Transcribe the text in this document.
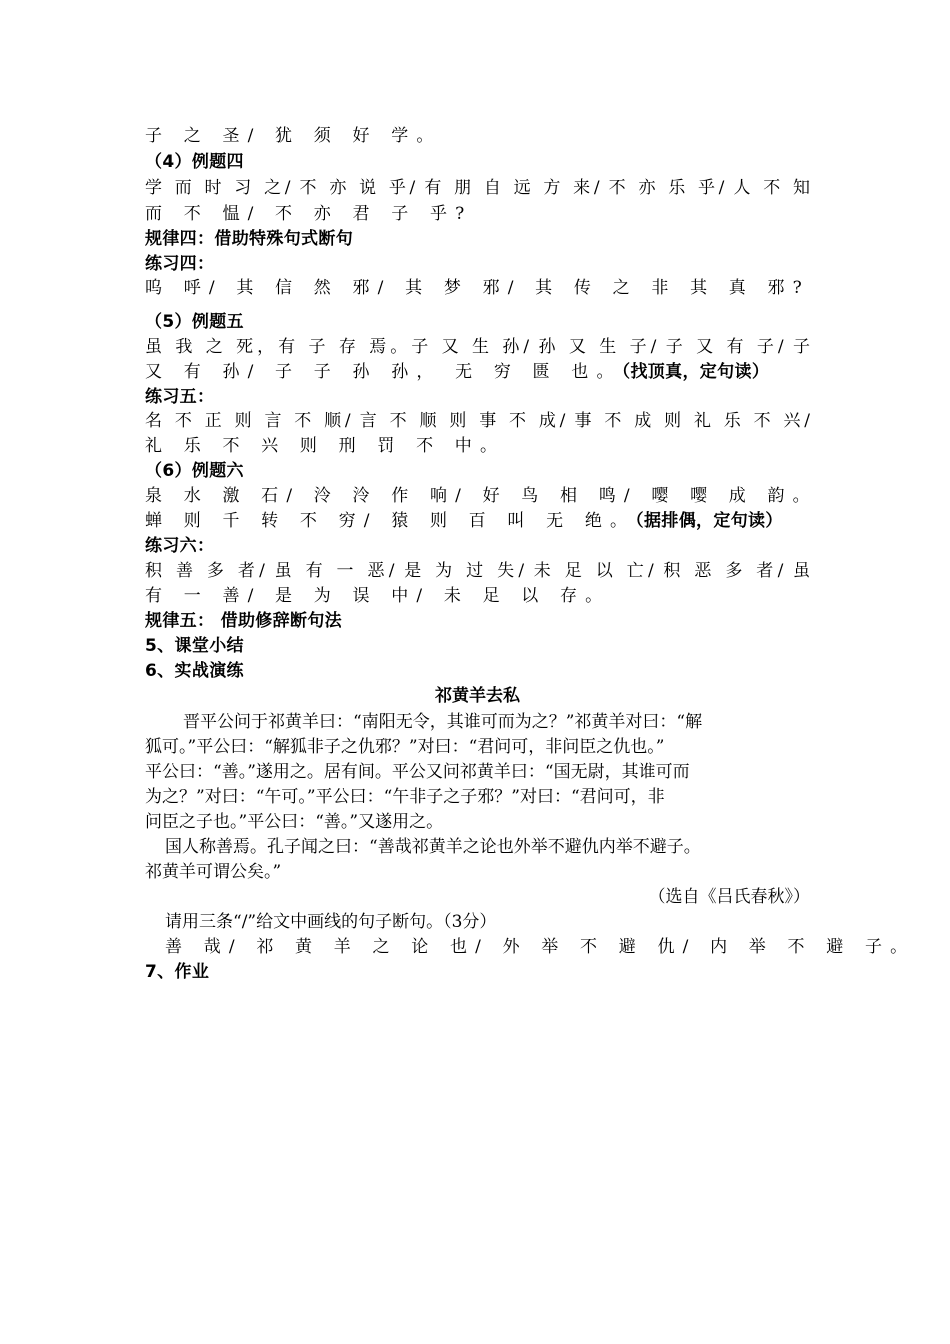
子 之 圣/ 犹 须 好 学。
（4）例题四
学 而 时 习 之/ 不 亦 说 乎/ 有 朋 自 远 方 来/ 不 亦 乐 乎/ 人 不 知
而 不 愠/ 不 亦 君 子 乎?
规律四：借助特殊句式断句
练习四：
呜 呼/ 其 信 然 邪/ 其 梦 邪/ 其 传 之 非 其 真 邪?
（5）例题五
虽 我 之 死，有 子 存 焉。子 又 生 孙/ 孙 又 生 子/ 子 又 有 子/ 子
又 有 孙/ 子 子 孙 孙， 无 穷 匮 也。（找顶真，定句读）
练习五：
名 不 正 则 言 不 顺/ 言 不 顺 则 事 不 成/ 事 不 成 则 礼 乐 不 兴/
礼 乐 不 兴 则 刑 罚 不 中。
（6）例题六
泉 水 激 石/ 泠 泠 作 响/ 好 鸟 相 鸣/ 嘤 嘤 成 韵。
蝉 则 千 转 不 穷/ 猿 则 百 叫 无 绝。（据排偶，定句读）
练习六：
积 善 多 者/ 虽 有 一 恶/ 是 为 过 失/ 未 足 以 亡/ 积 恶 多 者/ 虽
有 一 善/ 是 为 误 中/ 未 足 以 存。
规律五： 借助修辞断句法
5、课堂小结
6、实战演练
祁黄羊去私
晋平公问于祁黄羊曰：“南阳无令，其谁可而为之？”祁黄羊对曰：“解
狐可。”平公曰：“解狐非子之仇邪？”对曰：“君问可，非问臣之仇也。”
平公曰：“善。”遂用之。居有间。平公又问祁黄羊曰：“国无尉，其谁可而
为之？”对曰：“午可。”平公曰：“午非子之子邪？”对曰：“君问可，非
问臣之子也。”平公曰：“善。”又遂用之。
国人称善焉。孔子闻之曰：“善哉祁黄羊之论也外举不避仇内举不避子。
祁黄羊可谓公矣。”
（选自《吕氏春秋》）
请用三条“/”给文中画线的句子断句。（3分）
善 哉/ 祁 黄 羊 之 论 也/ 外 举 不 避 仇/ 内 举 不 避 子。
7、作业
